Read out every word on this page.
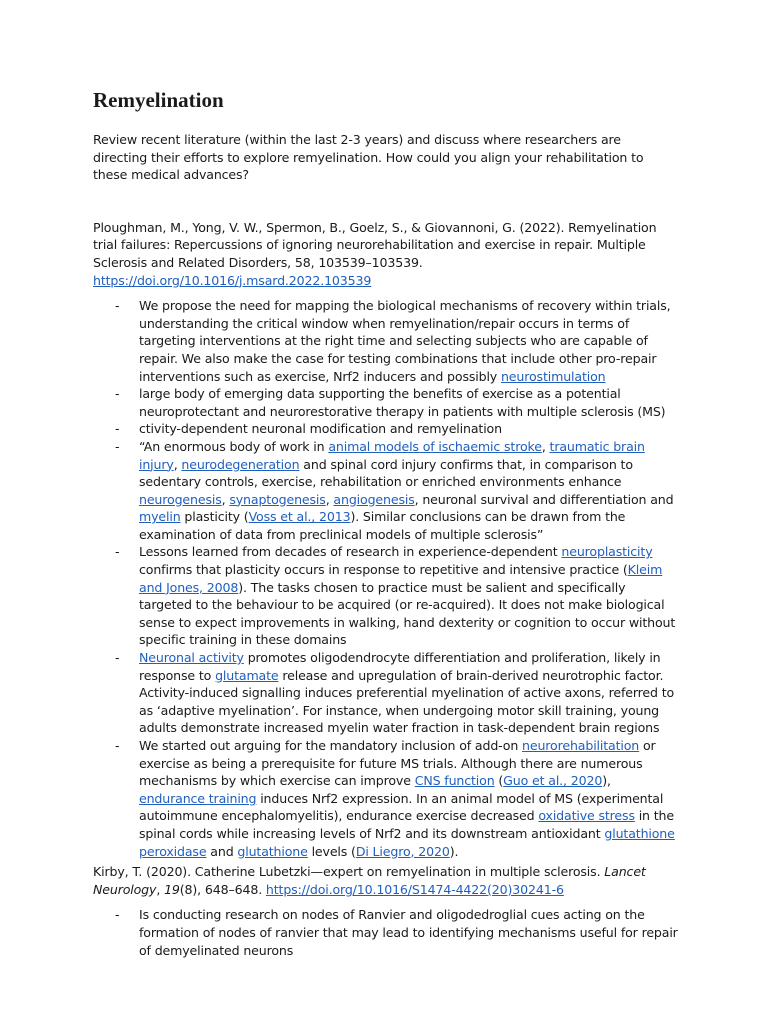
Remyelination

Review recent literature (within the last 2-3 years) and discuss where researchers are directing their efforts to explore remyelination. How could you align your rehabilitation to these medical advances?

Ploughman, M., Yong, V. W., Spermon, B., Goelz, S., & Giovannoni, G. (2022). Remyelination trial failures: Repercussions of ignoring neurorehabilitation and exercise in repair. Multiple Sclerosis and Related Disorders, 58, 103539–103539. https://doi.org/10.1016/j.msard.2022.103539

- We propose the need for mapping the biological mechanisms of recovery within trials, understanding the critical window when remyelination/repair occurs in terms of targeting interventions at the right time and selecting subjects who are capable of repair. We also make the case for testing combinations that include other pro-repair interventions such as exercise, Nrf2 inducers and possibly neurostimulation
- large body of emerging data supporting the benefits of exercise as a potential neuroprotectant and neurorestorative therapy in patients with multiple sclerosis (MS)
- ctivity-dependent neuronal modification and remyelination
- “An enormous body of work in animal models of ischaemic stroke, traumatic brain injury, neurodegeneration and spinal cord injury confirms that, in comparison to sedentary controls, exercise, rehabilitation or enriched environments enhance neurogenesis, synaptogenesis, angiogenesis, neuronal survival and differentiation and myelin plasticity (Voss et al., 2013). Similar conclusions can be drawn from the examination of data from preclinical models of multiple sclerosis”
- Lessons learned from decades of research in experience-dependent neuroplasticity confirms that plasticity occurs in response to repetitive and intensive practice (Kleim and Jones, 2008). The tasks chosen to practice must be salient and specifically targeted to the behaviour to be acquired (or re-acquired). It does not make biological sense to expect improvements in walking, hand dexterity or cognition to occur without specific training in these domains
- Neuronal activity promotes oligodendrocyte differentiation and proliferation, likely in response to glutamate release and upregulation of brain-derived neurotrophic factor. Activity-induced signalling induces preferential myelination of active axons, referred to as ‘adaptive myelination’. For instance, when undergoing motor skill training, young adults demonstrate increased myelin water fraction in task-dependent brain regions
- We started out arguing for the mandatory inclusion of add-on neurorehabilitation or exercise as being a prerequisite for future MS trials. Although there are numerous mechanisms by which exercise can improve CNS function (Guo et al., 2020), endurance training induces Nrf2 expression. In an animal model of MS (experimental autoimmune encephalomyelitis), endurance exercise decreased oxidative stress in the spinal cords while increasing levels of Nrf2 and its downstream antioxidant glutathione peroxidase and glutathione levels (Di Liegro, 2020).

Kirby, T. (2020). Catherine Lubetzki—expert on remyelination in multiple sclerosis. Lancet Neurology, 19(8), 648–648. https://doi.org/10.1016/S1474-4422(20)30241-6

- Is conducting research on nodes of Ranvier and oligodedroglial cues acting on the formation of nodes of ranvier that may lead to identifying mechanisms useful for repair of demyelinated neurons
